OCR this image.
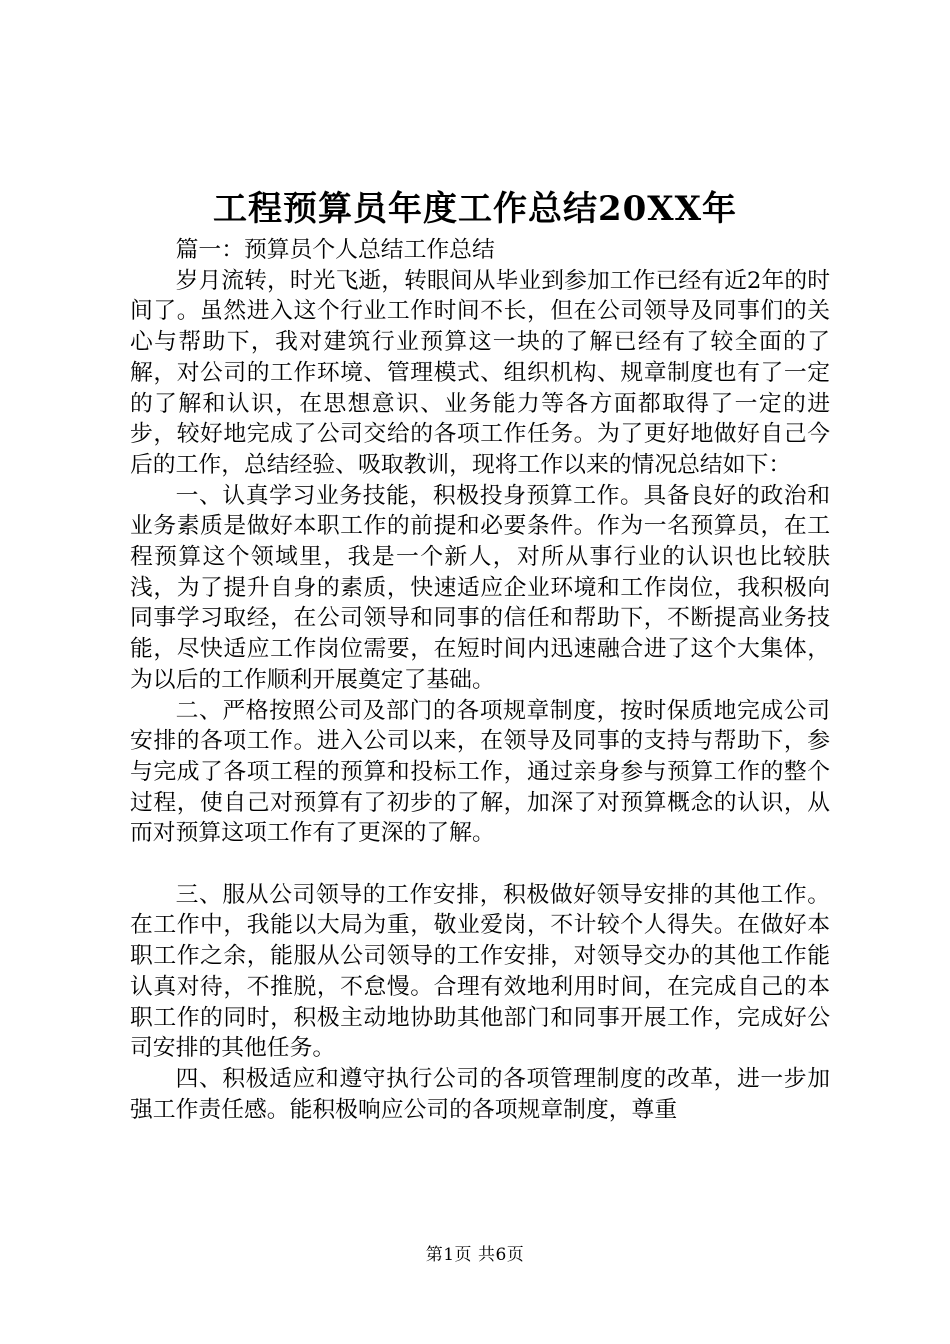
工程预算员年度工作总结20XX年

篇一：预算员个人总结工作总结

岁月流转，时光飞逝，转眼间从毕业到参加工作已经有近2年的时间了。虽然进入这个行业工作时间不长，但在公司领导及同事们的关心与帮助下，我对建筑行业预算这一块的了解已经有了较全面的了解，对公司的工作环境、管理模式、组织机构、规章制度也有了一定的了解和认识，在思想意识、业务能力等各方面都取得了一定的进步，较好地完成了公司交给的各项工作任务。为了更好地做好自己今后的工作，总结经验、吸取教训，现将工作以来的情况总结如下：

一、认真学习业务技能，积极投身预算工作。具备良好的政治和业务素质是做好本职工作的前提和必要条件。作为一名预算员，在工程预算这个领域里，我是一个新人，对所从事行业的认识也比较肤浅，为了提升自身的素质，快速适应企业环境和工作岗位，我积极向同事学习取经，在公司领导和同事的信任和帮助下，不断提高业务技能，尽快适应工作岗位需要，在短时间内迅速融合进了这个大集体，为以后的工作顺利开展奠定了基础。

二、严格按照公司及部门的各项规章制度，按时保质地完成公司安排的各项工作。进入公司以来，在领导及同事的支持与帮助下，参与完成了各项工程的预算和投标工作，通过亲身参与预算工作的整个过程，使自己对预算有了初步的了解，加深了对预算概念的认识，从而对预算这项工作有了更深的了解。

三、服从公司领导的工作安排，积极做好领导安排的其他工作。在工作中，我能以大局为重，敬业爱岗，不计较个人得失。在做好本职工作之余，能服从公司领导的工作安排，对领导交办的其他工作能认真对待，不推脱，不怠慢。合理有效地利用时间，在完成自己的本职工作的同时，积极主动地协助其他部门和同事开展工作，完成好公司安排的其他任务。

四、积极适应和遵守执行公司的各项管理制度的改革，进一步加强工作责任感。能积极响应公司的各项规章制度，尊重

第1页 共6页
